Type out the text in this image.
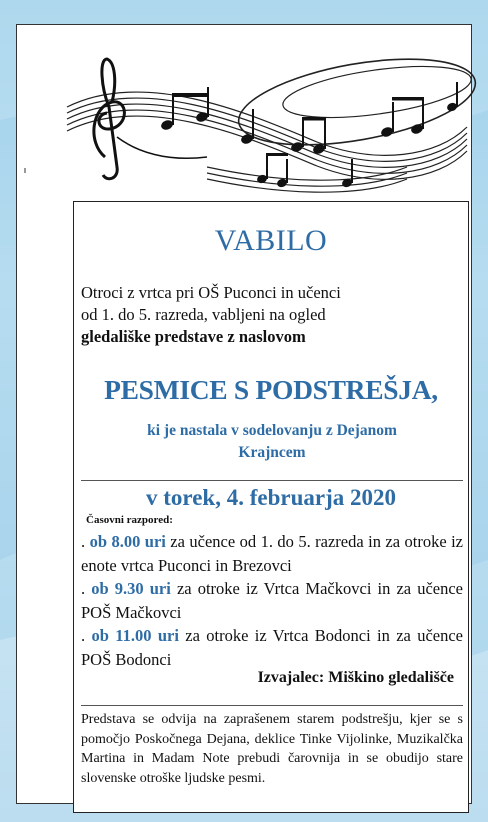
VABILO
Otroci z vrtca pri OŠ Puconci in učenci
od 1. do 5. razreda, vabljeni na ogled
gledališke predstave z naslovom
PESMICE S PODSTREŠJA,
ki je nastala v sodelovanju z Dejanom
Krajncem
v torek, 4. februarja 2020
Časovni razpored:

. ob 8.00 uri za učence od 1. do 5. razreda in za otroke iz enote vrtca Puconci in Brezovci

. ob 9.30 uri za otroke iz Vrtca Mačkovci in za učence POŠ Mačkovci

. ob 11.00 uri za otroke iz Vrtca Bodonci in za učence POŠ Bodonci

Izvajalec: Miškino gledališče
Predstava se odvija na zaprašenem starem podstrešju, kjer se s pomočjo Poskočnega Dejana, deklice Tinke Vijolinke, Muzikalčka Martina in Madam Note prebudi čarovnija in se obudijo stare slovenske otroške ljudske pesmi.
